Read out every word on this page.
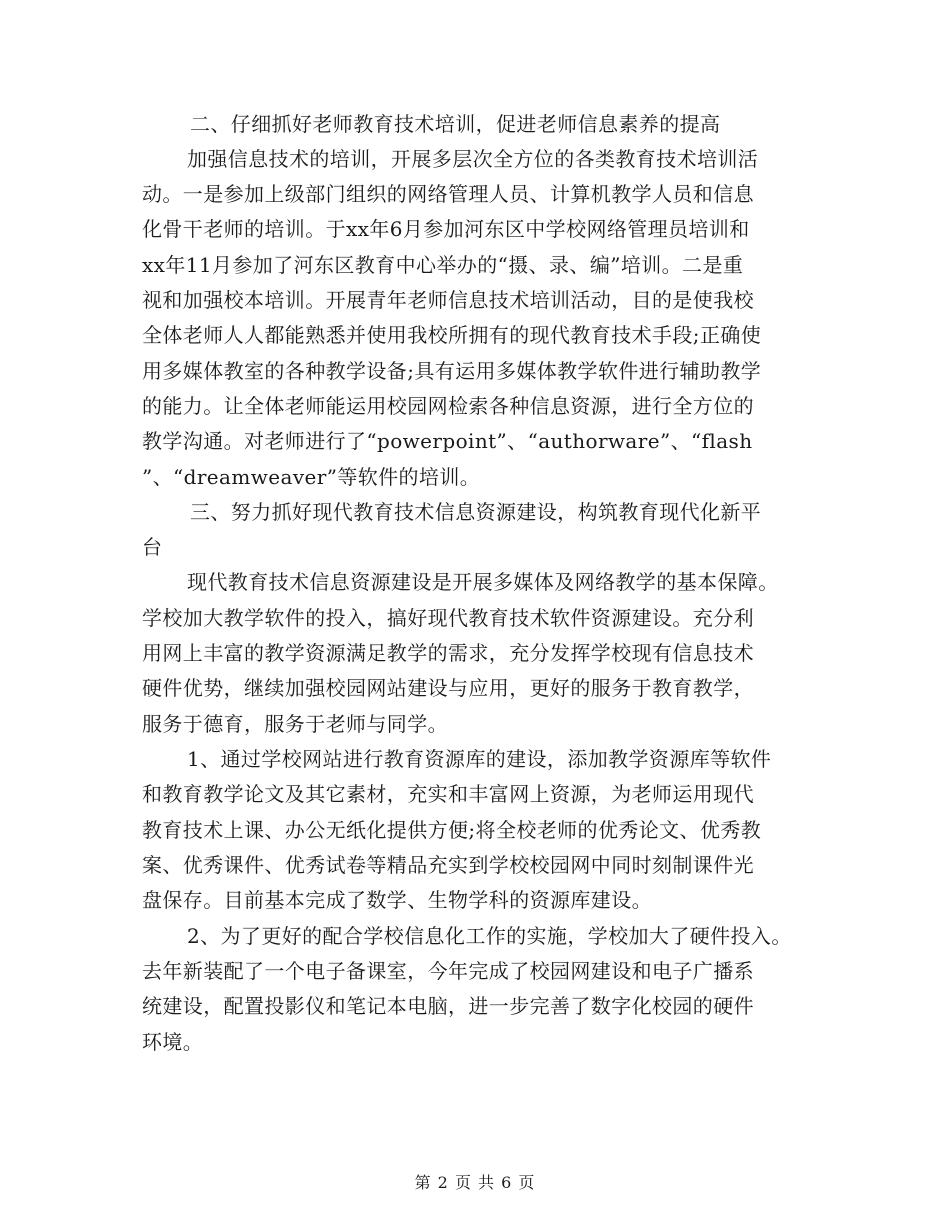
二、仔细抓好老师教育技术培训，促进老师信息素养的提高
加强信息技术的培训，开展多层次全方位的各类教育技术培训活
动。一是参加上级部门组织的网络管理人员、计算机教学人员和信息
化骨干老师的培训。于xx年6月参加河东区中学校网络管理员培训和
xx年11月参加了河东区教育中心举办的“摄、录、编”培训。二是重
视和加强校本培训。开展青年老师信息技术培训活动，目的是使我校
全体老师人人都能熟悉并使用我校所拥有的现代教育技术手段;正确使
用多媒体教室的各种教学设备;具有运用多媒体教学软件进行辅助教学
的能力。让全体老师能运用校园网检索各种信息资源，进行全方位的
教学沟通。对老师进行了“powerpoint”、“authorware”、“flash
”、“dreamweaver”等软件的培训。
三、努力抓好现代教育技术信息资源建设，构筑教育现代化新平
台
现代教育技术信息资源建设是开展多媒体及网络教学的基本保障。
学校加大教学软件的投入，搞好现代教育技术软件资源建设。充分利
用网上丰富的教学资源满足教学的需求，充分发挥学校现有信息技术
硬件优势，继续加强校园网站建设与应用，更好的服务于教育教学，
服务于德育，服务于老师与同学。
1、通过学校网站进行教育资源库的建设，添加教学资源库等软件
和教育教学论文及其它素材，充实和丰富网上资源，为老师运用现代
教育技术上课、办公无纸化提供方便;将全校老师的优秀论文、优秀教
案、优秀课件、优秀试卷等精品充实到学校校园网中同时刻制课件光
盘保存。目前基本完成了数学、生物学科的资源库建设。
2、为了更好的配合学校信息化工作的实施，学校加大了硬件投入。
去年新装配了一个电子备课室，今年完成了校园网建设和电子广播系
统建设，配置投影仪和笔记本电脑，进一步完善了数字化校园的硬件
环境。
第 2 页 共 6 页
